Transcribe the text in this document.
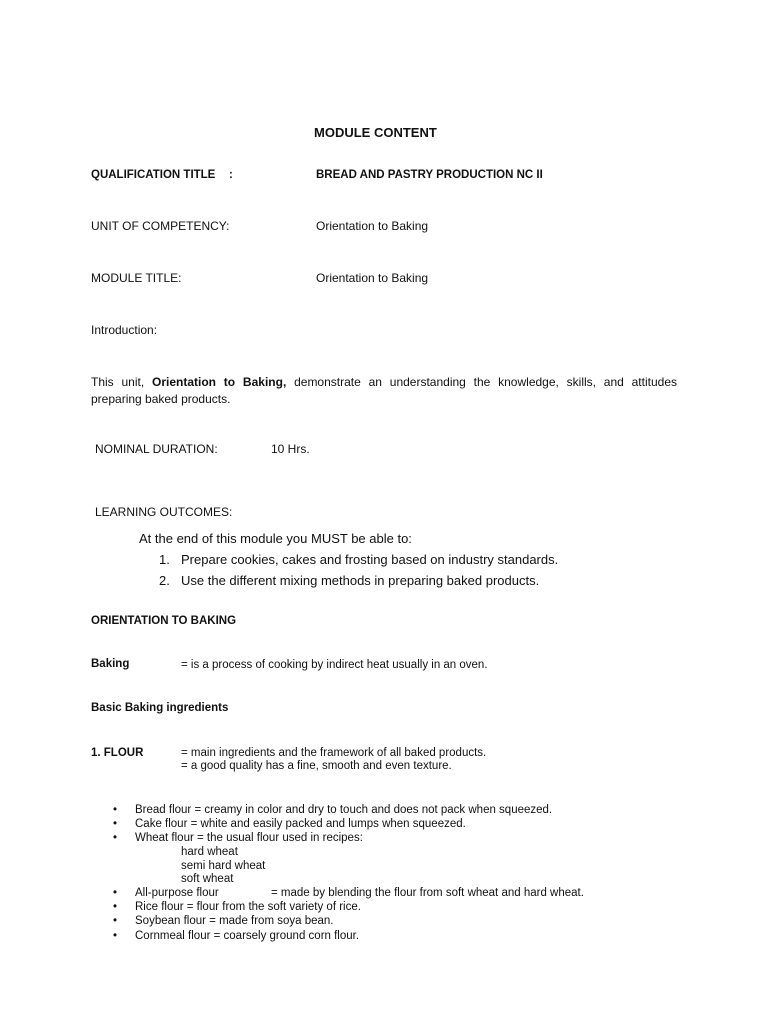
MODULE CONTENT
QUALIFICATION TITLE :	BREAD AND PASTRY PRODUCTION NC II
UNIT OF COMPETENCY:	Orientation to Baking
MODULE TITLE:	Orientation to Baking
Introduction:
This unit, Orientation to Baking, demonstrate an understanding the knowledge, skills, and attitudes preparing baked products.
NOMINAL DURATION:	10 Hrs.
LEARNING OUTCOMES:
At the end of this module you MUST be able to:
1. Prepare cookies, cakes and frosting based on industry standards.
2. Use the different mixing methods in preparing baked products.
ORIENTATION TO BAKING
Baking	= is a process of cooking by indirect heat usually in an oven.
Basic Baking ingredients
1. FLOUR	= main ingredients and the framework of all baked products.
= a good quality has a fine, smooth and even texture.
• Bread flour = creamy in color and dry to touch and does not pack when squeezed.
• Cake flour = white and easily packed and lumps when squeezed.
• Wheat flour = the usual flour used in recipes:
hard wheat
semi hard wheat
soft wheat
• All-purpose flour	= made by blending the flour from soft wheat and hard wheat.
• Rice flour = flour from the soft variety of rice.
• Soybean flour = made from soya bean.
• Cornmeal flour = coarsely ground corn flour.
